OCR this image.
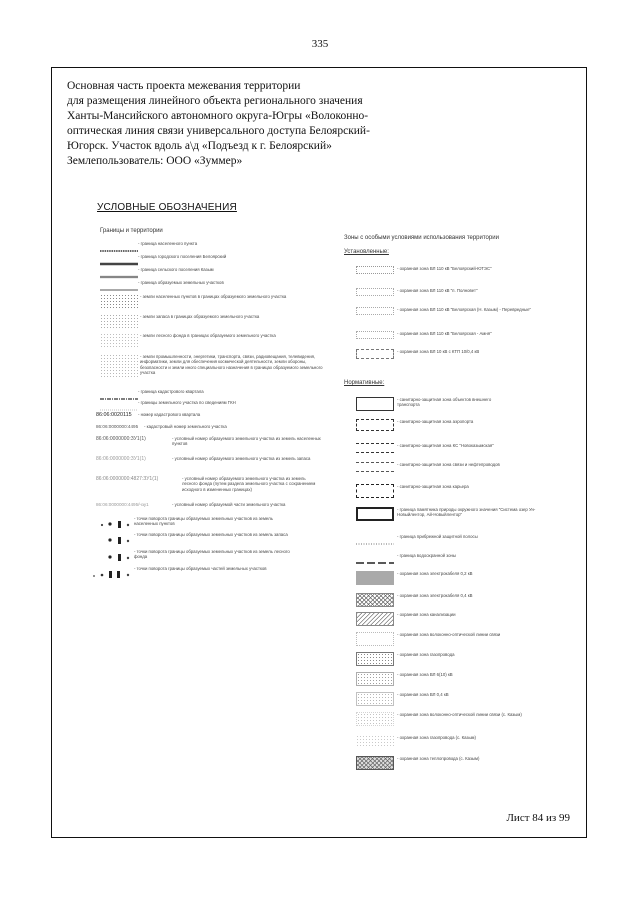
335
Основная часть проекта межевания территории
для размещения линейного объекта регионального значения
Ханты-Мансийского автономного округа-Югры «Волоконно-
оптическая линия связи универсального доступа Белоярский-
Югорск. Участок вдоль а\д «Подъезд к г. Белоярский»
Землепользователь: ООО «Зуммер»
УСЛОВНЫЕ ОБОЗНАЧЕНИЯ
Границы и территории
- граница населенного пункта
- граница городского поселения Белоярский
- граница сельского поселения Казым
- граница образуемых земельных участков
- земли населенных пунктов в границах образуемого земельного участка
- земли запаса в границах образуемого земельного участка
- земли лесного фонда в границах образуемого земельного участка
- земли промышленности, энергетики, транспорта, связи, радиовещания, телевидения, информатики, земли для обеспечения космической деятельности, земли обороны, безопасности и земли иного специального назначения в границах образуемого земельного участка
- граница кадастрового квартала
- границы земельного участка по сведениям ГКН
86:06:0020115	- номер кадастрового квартала
86:06:0000000:4495	- кадастровый номер земельного участка
86:06:0000000:ЗУ1(1)	- условный номер образуемого земельного участка из земель населенных пунктов
86:06:0000000:ЗУ1(1)	- условный номер образуемого земельного участка из земель запаса
86:06:0000000:4827:ЗУ1(1)	- условный номер образуемого земельного участка из земель лесного фонда (путем раздела земельного участка с сохранением исходного в измененных границах)
86:06:0000000:4495/чзу1	- условный номер образуемой части земельного участка
- точки поворота границы образуемых земельных участков из земель населенных пунктов
- точки поворота границы образуемых земельных участков из земель запаса
- точки поворота границы образуемых земельных участков из земель лесного фонда
- точки поворота границы образуемых частей земельных участков
Зоны с особыми условиями использования территории
Установленные:
- охранная зона ВЛ 110 кВ "Белоярский-ЮТЭС"
- охранная зона ВЛ 110 кВ "п. Полновет"
- охранная зона ВЛ 110 кВ "Белоярская (Н. Казым) - Перевредные"
- охранная зона ВЛ 110 кВ "Белоярская - Амня"
- охранная зона ВЛ 10 кВ с КТП 10/0,4 кВ
Нормативные:
- санитарно-защитная зона объектов внешнего транспорта
- санитарно-защитная зона аэропорта
- санитарно-защитная зона КС "Новоказымская"
- санитарно-защитная зона связи и нефтепроводов
- санитарно-защитная зона карьера
- граница памятника природы окружного значения "Система озер Ун-Новыйлентор, Ай-Новыйлентор"
- граница прибрежной защитной полосы
- граница водоохранной зоны
- охранная зона электрокабеля 0,2 кВ
- охранная зона электрокабеля 0,4 кВ
- охранная зона канализации
- охранная зона волоконно-оптической линии связи
- охранная зона газопровода
- охранная зона ВЛ 6(10) кВ
- охранная зона ВЛ 0,4 кВ
- охранная зона волоконно-оптической линии связи (с. Казым)
- охранная зона газопровода (с. Казым)
- охранная зона теплопровода (с. Казым)
Лист 84 из 99
